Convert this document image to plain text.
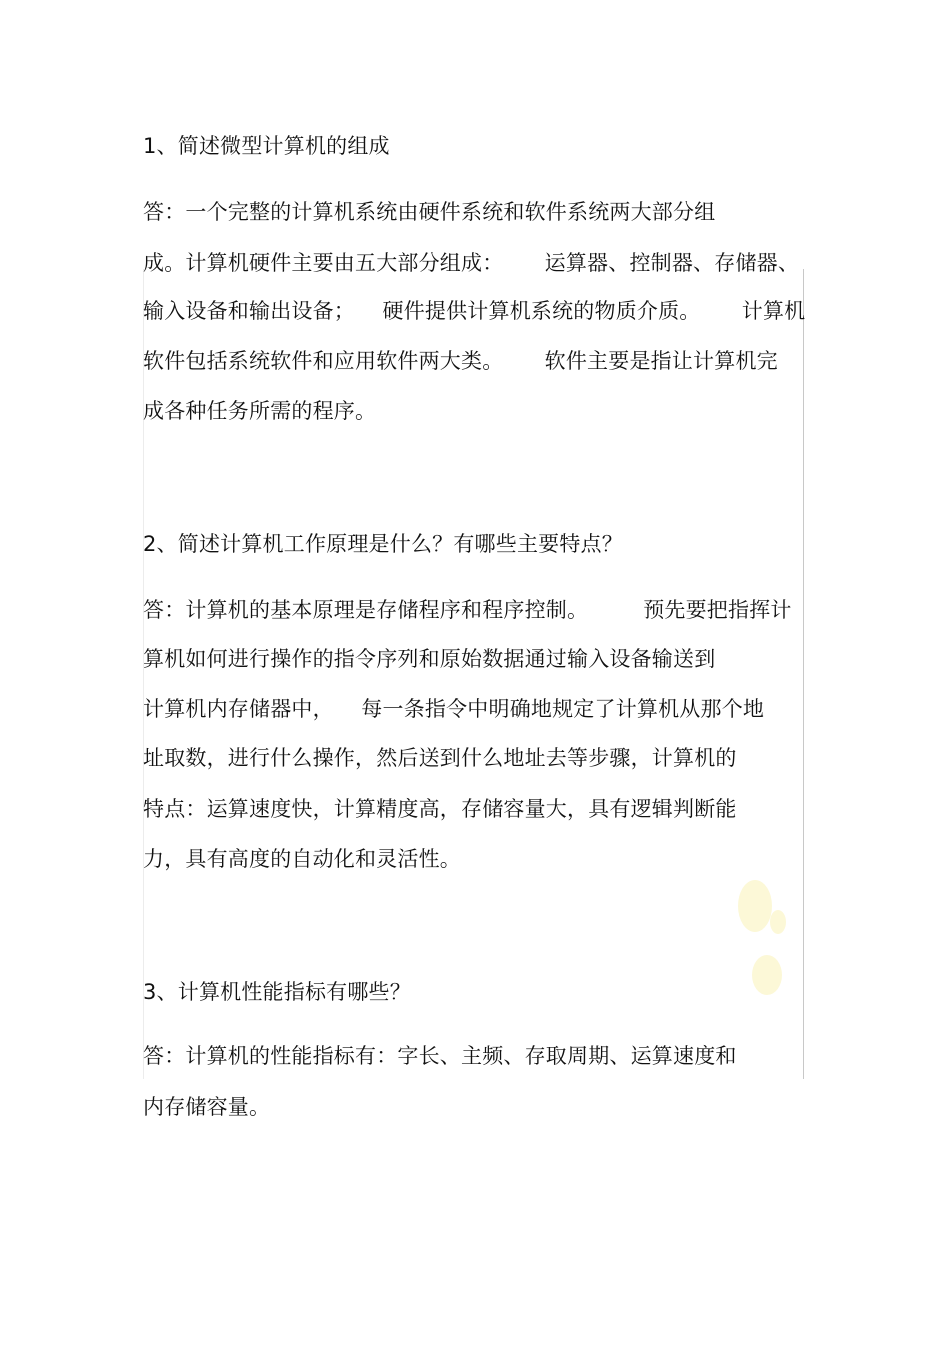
1、简述微型计算机的组成
答：一个完整的计算机系统由硬件系统和软件系统两大部分组
成。计算机硬件主要由五大部分组成：      运算器、控制器、存储器、
输入设备和输出设备；    硬件提供计算机系统的物质介质。      计算机
软件包括系统软件和应用软件两大类。      软件主要是指让计算机完
成各种任务所需的程序。
2、简述计算机工作原理是什么？有哪些主要特点？
答：计算机的基本原理是存储程序和程序控制。        预先要把指挥计
算机如何进行操作的指令序列和原始数据通过输入设备输送到
计算机内存储器中，    每一条指令中明确地规定了计算机从那个地
址取数，进行什么操作，然后送到什么地址去等步骤，计算机的
特点：运算速度快，计算精度高，存储容量大，具有逻辑判断能
力，具有高度的自动化和灵活性。
3、计算机性能指标有哪些？
答：计算机的性能指标有：字长、主频、存取周期、运算速度和
内存储容量。
